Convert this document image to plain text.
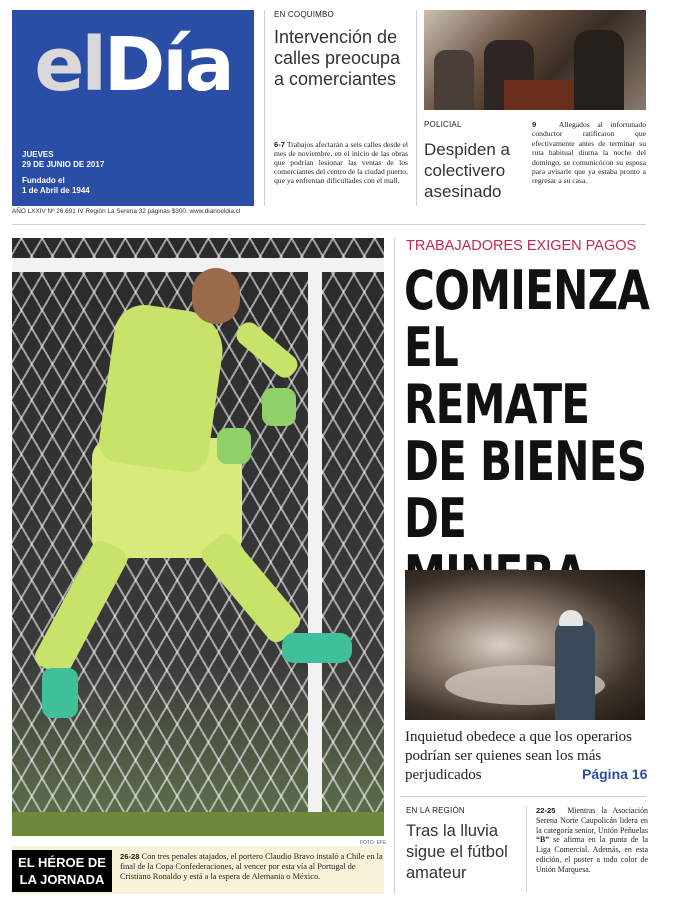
elDía
JUEVES
29 DE JUNIO DE 2017
Fundado el
1 de Abril de 1944
AÑO LXXIV Nº 26.691 IV Región La Serena 32 páginas $300. www.diarioeldia.cl
EN COQUIMBO
Intervención de calles preocupa a comerciantes
6-7 Trabajos afectarán a seis calles desde el mes de noviembre, en el inicio de las obras que podrían lesionar las ventas de los comerciantes del centro de la ciudad puerto, que ya enfrentan dificultades con el mall.
POLICIAL
Despiden a colectivero asesinado
9	Allegados al infortunado conductor ratificaron que efectivamente antes de terminar su ruta habitual diurna la noche del domingo, se comunicócon su esposa para avisarle que ya estaba pronto a regresar a su casa.
FOTO: EFE
EL HÉROE DE
LA JORNADA
26-28 Con tres penales atajados, el portero Claudio Bravo instaló a Chile en la final de la Copa Confederaciones, al vencer por esta vía al Portugal de Cristiano Ronaldo y está a la espera de Alemania o México.
TRABAJADORES EXIGEN PAGOS
COMIENZA
EL REMATE
DE BIENES
DE
Inquietud obedece a que los operarios podrían ser quienes sean los más perjudicados	Página 16
EN LA REGIÓN
Tras la lluvia sigue el fútbol amateur
22-25 Mientras la Asociación Serena Norte Caupolicán lidera en la categoría senior, Unión Peñuelas “B” se afirma en la punta de la Liga Comercial. Además, en esta edición, el poster a todo color de Unión Marquesa.
